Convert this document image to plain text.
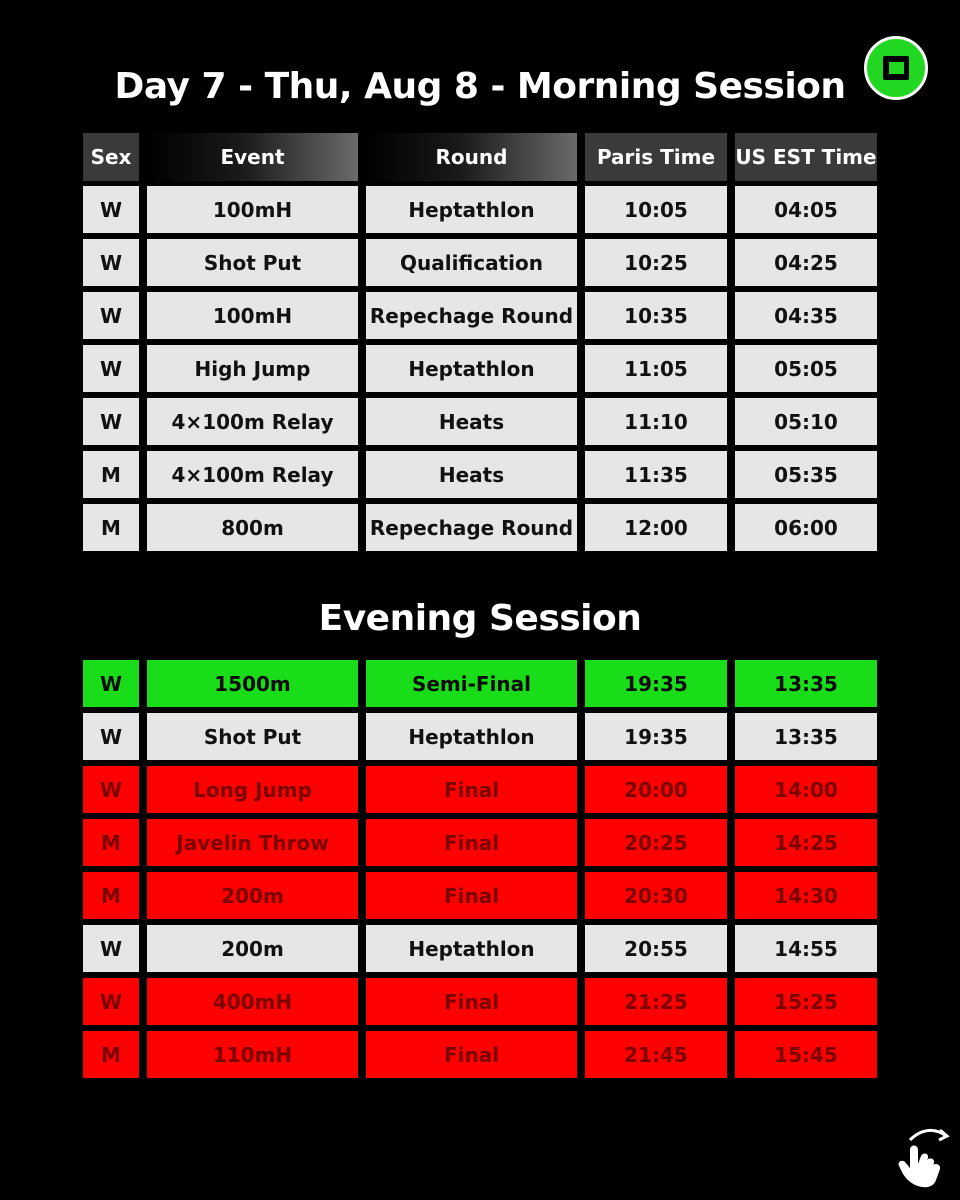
Day 7 - Thu, Aug 8 - Morning Session
Evening Session
Sex	Event	Round	Paris Time	US EST Time
W	100mH	Heptathlon	10:05	04:05
W	Shot Put	Qualification	10:25	04:25
W	100mH	Repechage Round	10:35	04:35
W	High Jump	Heptathlon	11:05	05:05
W	4×100m Relay	Heats	11:10	05:10
M	4×100m Relay	Heats	11:35	05:35
M	800m	Repechage Round	12:00	06:00
W	1500m	Semi-Final	19:35	13:35
W	Shot Put	Heptathlon	19:35	13:35
W	Long Jump	Final	20:00	14:00
M	Javelin Throw	Final	20:25	14:25
M	200m	Final	20:30	14:30
W	200m	Heptathlon	20:55	14:55
W	400mH	Final	21:25	15:25
M	110mH	Final	21:45	15:45
